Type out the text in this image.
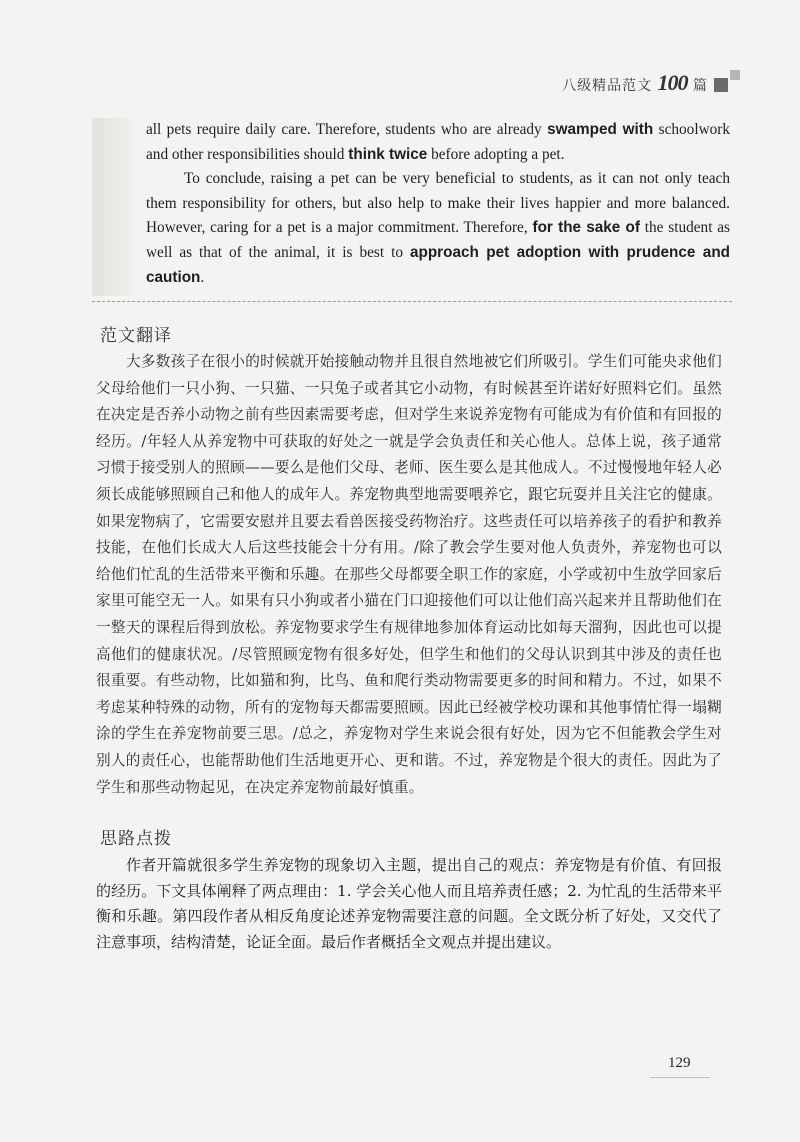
八级精品范文 100 篇

all pets require daily care. Therefore, students who are already swamped with schoolwork and other responsibilities should think twice before adopting a pet.

To conclude, raising a pet can be very beneficial to students, as it can not only teach them responsibility for others, but also help to make their lives happier and more balanced. However, caring for a pet is a major commitment. Therefore, for the sake of the student as well as that of the animal, it is best to approach pet adoption with prudence and caution.

范文翻译

大多数孩子在很小的时候就开始接触动物并且很自然地被它们所吸引。学生们可能央求他们父母给他们一只小狗、一只猫、一只兔子或者其它小动物，有时候甚至许诺好好照料它们。虽然在决定是否养小动物之前有些因素需要考虑，但对学生来说养宠物有可能成为有价值和有回报的经历。/年轻人从养宠物中可获取的好处之一就是学会负责任和关心他人。总体上说，孩子通常习惯于接受别人的照顾——要么是他们父母、老师、医生要么是其他成人。不过慢慢地年轻人必须长成能够照顾自己和他人的成年人。养宠物典型地需要喂养它，跟它玩耍并且关注它的健康。如果宠物病了，它需要安慰并且要去看兽医接受药物治疗。这些责任可以培养孩子的看护和教养技能，在他们长成大人后这些技能会十分有用。/除了教会学生要对他人负责外，养宠物也可以给他们忙乱的生活带来平衡和乐趣。在那些父母都要全职工作的家庭，小学或初中生放学回家后家里可能空无一人。如果有只小狗或者小猫在门口迎接他们可以让他们高兴起来并且帮助他们在一整天的课程后得到放松。养宠物要求学生有规律地参加体育运动比如每天溜狗，因此也可以提高他们的健康状况。/尽管照顾宠物有很多好处，但学生和他们的父母认识到其中涉及的责任也很重要。有些动物，比如猫和狗，比鸟、鱼和爬行类动物需要更多的时间和精力。不过，如果不考虑某种特殊的动物，所有的宠物每天都需要照顾。因此已经被学校功课和其他事情忙得一塌糊涂的学生在养宠物前要三思。/总之，养宠物对学生来说会很有好处，因为它不但能教会学生对别人的责任心，也能帮助他们生活地更开心、更和谐。不过，养宠物是个很大的责任。因此为了学生和那些动物起见，在决定养宠物前最好慎重。

思路点拨

作者开篇就很多学生养宠物的现象切入主题，提出自己的观点：养宠物是有价值、有回报的经历。下文具体阐释了两点理由：1. 学会关心他人而且培养责任感；2. 为忙乱的生活带来平衡和乐趣。第四段作者从相反角度论述养宠物需要注意的问题。全文既分析了好处，又交代了注意事项，结构清楚，论证全面。最后作者概括全文观点并提出建议。

129
